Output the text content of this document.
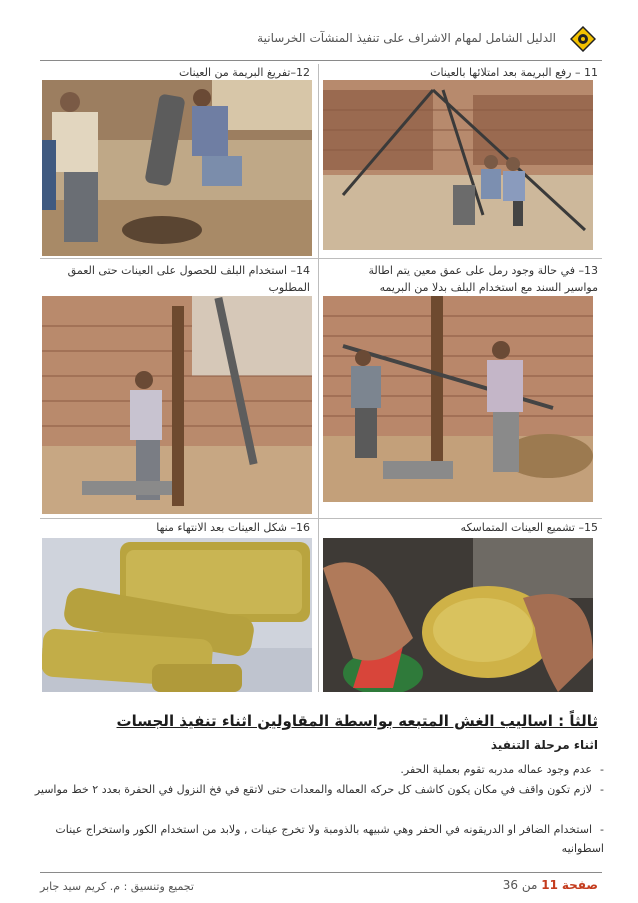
الدليل الشامل لمهام الاشراف على تنفيذ المنشآت الخرسانية
11 – رفع البريمة بعد امتلائها بالعينات
12–تفريغ البريمة من العينات
13– في حالة وجود رمل على عمق معين يتم اطالة
مواسير السند مع استخدام البلف بدلا من البريمه
14– استخدام البلف للحصول على العينات حتى العمق
المطلوب
15– تشميع العينات المتماسكه
16– شكل العينات بعد الانتهاء منها
ثالثاً : اساليب الغش المتبعه بواسطة المقاولين اثناء تنفيذ الجسات
اثناء مرحلة التنفيذ
-عدم وجود عماله مدربه تقوم بعملية الحفر.
-لازم تكون واقف في مكان يكون كاشف كل حركه العماله والمعدات حتى لاتقع في فخ النزول في الحفرة بعدد ٢ خط مواسير
-استخدام الضافر او الدريقونه في الحفر وهي شبيهه بالذومبة ولا تخرج عينات , ولابد من استخدام الكور واستخراج عينات اسطوانيه
صفحة 11 من 36
تجميع وتنسيق : م. كريم سيد جابر
